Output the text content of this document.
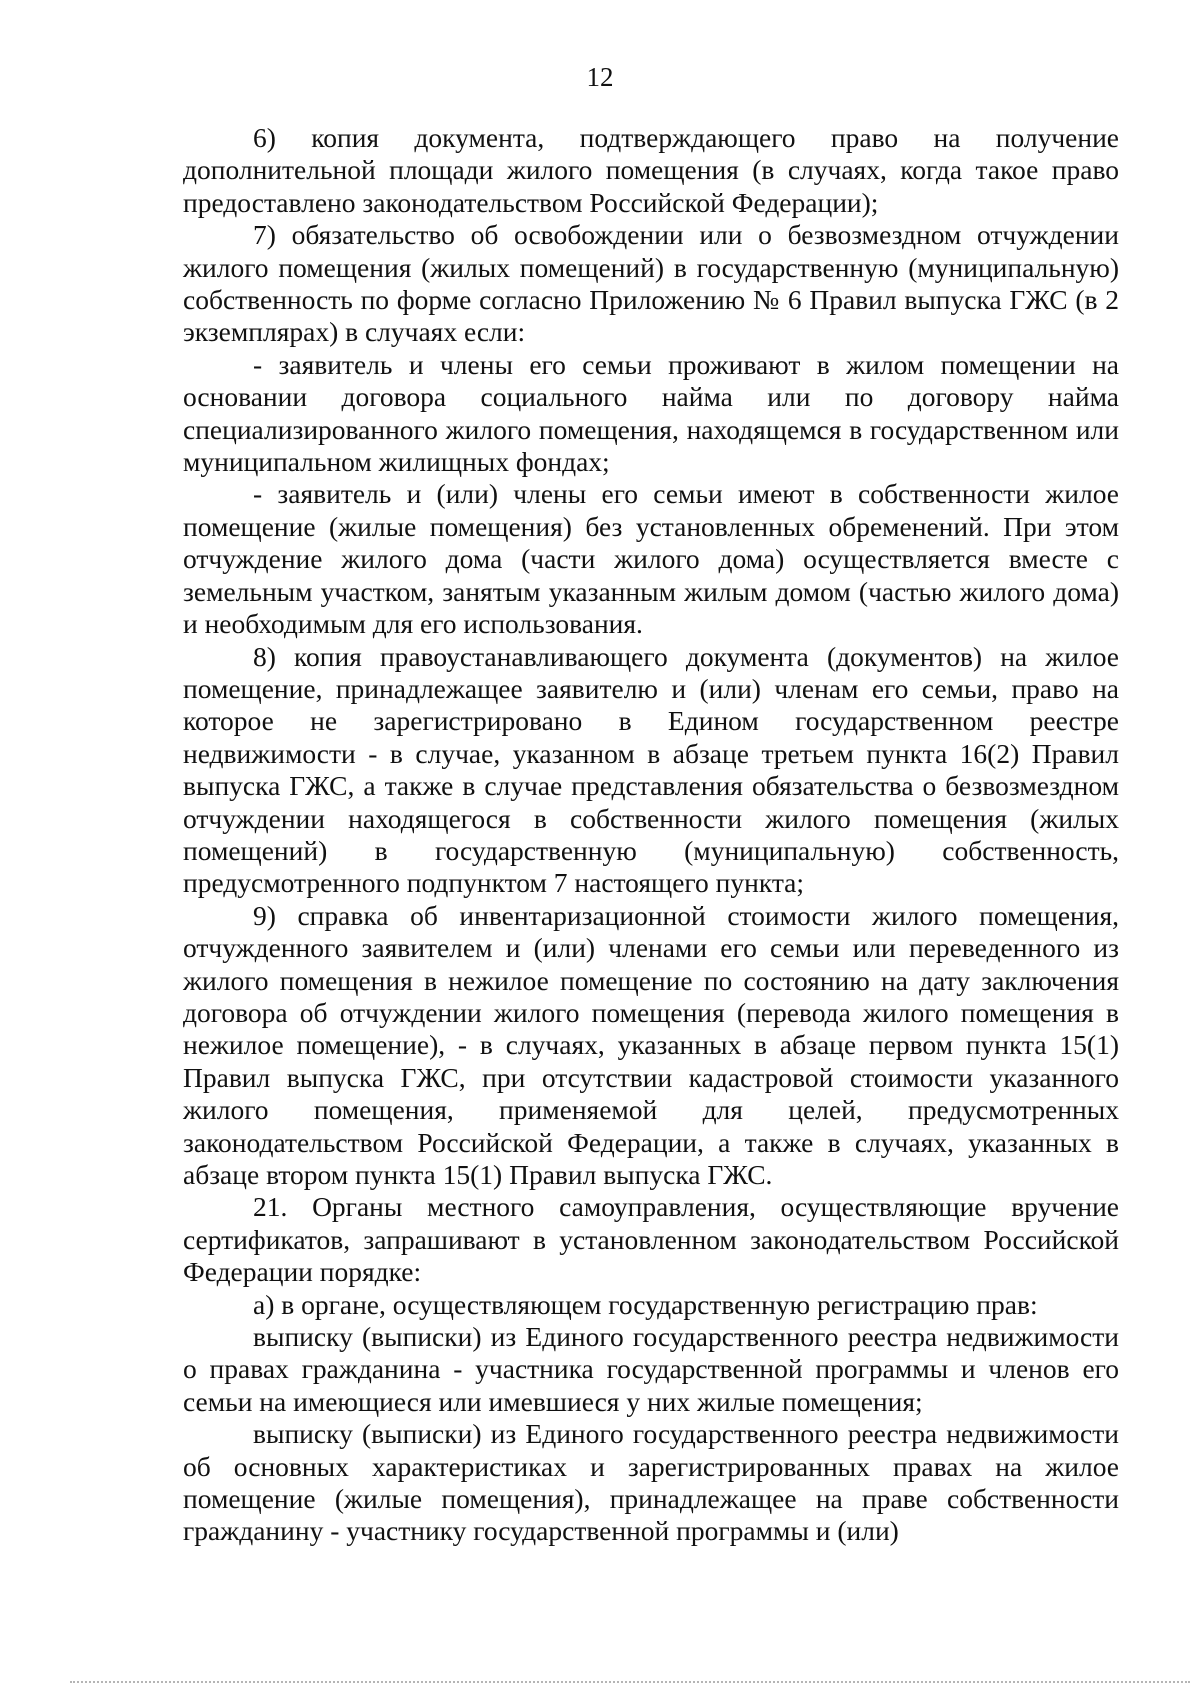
12

6) копия документа, подтверждающего право на получение дополнительной площади жилого помещения (в случаях, когда такое право предоставлено законодательством Российской Федерации);

7) обязательство об освобождении или о безвозмездном отчуждении жилого помещения (жилых помещений) в государственную (муниципальную) собственность по форме согласно Приложению № 6 Правил выпуска ГЖС (в 2 экземплярах) в случаях если:

- заявитель и члены его семьи проживают в жилом помещении на основании договора социального найма или по договору найма специализированного жилого помещения, находящемся в государственном или муниципальном жилищных фондах;

- заявитель и (или) члены его семьи имеют в собственности жилое помещение (жилые помещения) без установленных обременений. При этом отчуждение жилого дома (части жилого дома) осуществляется вместе с земельным участком, занятым указанным жилым домом (частью жилого дома) и необходимым для его использования.

8) копия правоустанавливающего документа (документов) на жилое помещение, принадлежащее заявителю и (или) членам его семьи, право на которое не зарегистрировано в Едином государственном реестре недвижимости - в случае, указанном в абзаце третьем пункта 16(2) Правил выпуска ГЖС, а также в случае представления обязательства о безвозмездном отчуждении находящегося в собственности жилого помещения (жилых помещений) в государственную (муниципальную) собственность, предусмотренного подпунктом 7 настоящего пункта;

9) справка об инвентаризационной стоимости жилого помещения, отчужденного заявителем и (или) членами его семьи или переведенного из жилого помещения в нежилое помещение по состоянию на дату заключения договора об отчуждении жилого помещения (перевода жилого помещения в нежилое помещение), - в случаях, указанных в абзаце первом пункта 15(1) Правил выпуска ГЖС, при отсутствии кадастровой стоимости указанного жилого помещения, применяемой для целей, предусмотренных законодательством Российской Федерации, а также в случаях, указанных в абзаце втором пункта 15(1) Правил выпуска ГЖС.

21. Органы местного самоуправления, осуществляющие вручение сертификатов, запрашивают в установленном законодательством Российской Федерации порядке:

а) в органе, осуществляющем государственную регистрацию прав:

выписку (выписки) из Единого государственного реестра недвижимости о правах гражданина - участника государственной программы и членов его семьи на имеющиеся или имевшиеся у них жилые помещения;

выписку (выписки) из Единого государственного реестра недвижимости об основных характеристиках и зарегистрированных правах на жилое помещение (жилые помещения), принадлежащее на праве собственности гражданину - участнику государственной программы и (или)
